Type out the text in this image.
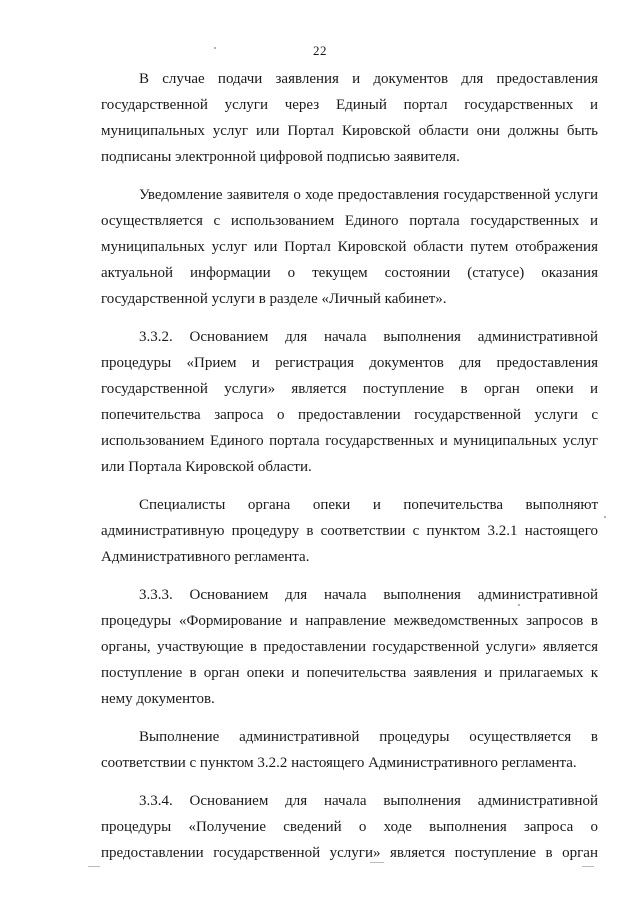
22

В случае подачи заявления и документов для предоставления государственной услуги через Единый портал государственных и муниципальных услуг или Портал Кировской области они должны быть подписаны электронной цифровой подписью заявителя.

Уведомление заявителя о ходе предоставления государственной услуги осуществляется с использованием Единого портала государственных и муниципальных услуг или Портал Кировской области путем отображения актуальной информации о текущем состоянии (статусе) оказания государственной услуги в разделе «Личный кабинет».

3.3.2. Основанием для начала выполнения административной процедуры «Прием и регистрация документов для предоставления государственной услуги» является поступление в орган опеки и попечительства запроса о предоставлении государственной услуги с использованием Единого портала государственных и муниципальных услуг или Портала Кировской области.

Специалисты органа опеки и попечительства выполняют административную процедуру в соответствии с пунктом 3.2.1 настоящего Административного регламента.

3.3.3. Основанием для начала выполнения административной процедуры «Формирование и направление межведомственных запросов в органы, участвующие в предоставлении государственной услуги» является поступление в орган опеки и попечительства заявления и прилагаемых к нему документов.

Выполнение административной процедуры осуществляется в соответствии с пунктом 3.2.2 настоящего Административного регламента.

3.3.4. Основанием для начала выполнения административной процедуры «Получение сведений о ходе выполнения запроса о предоставлении государственной услуги» является поступление в орган
